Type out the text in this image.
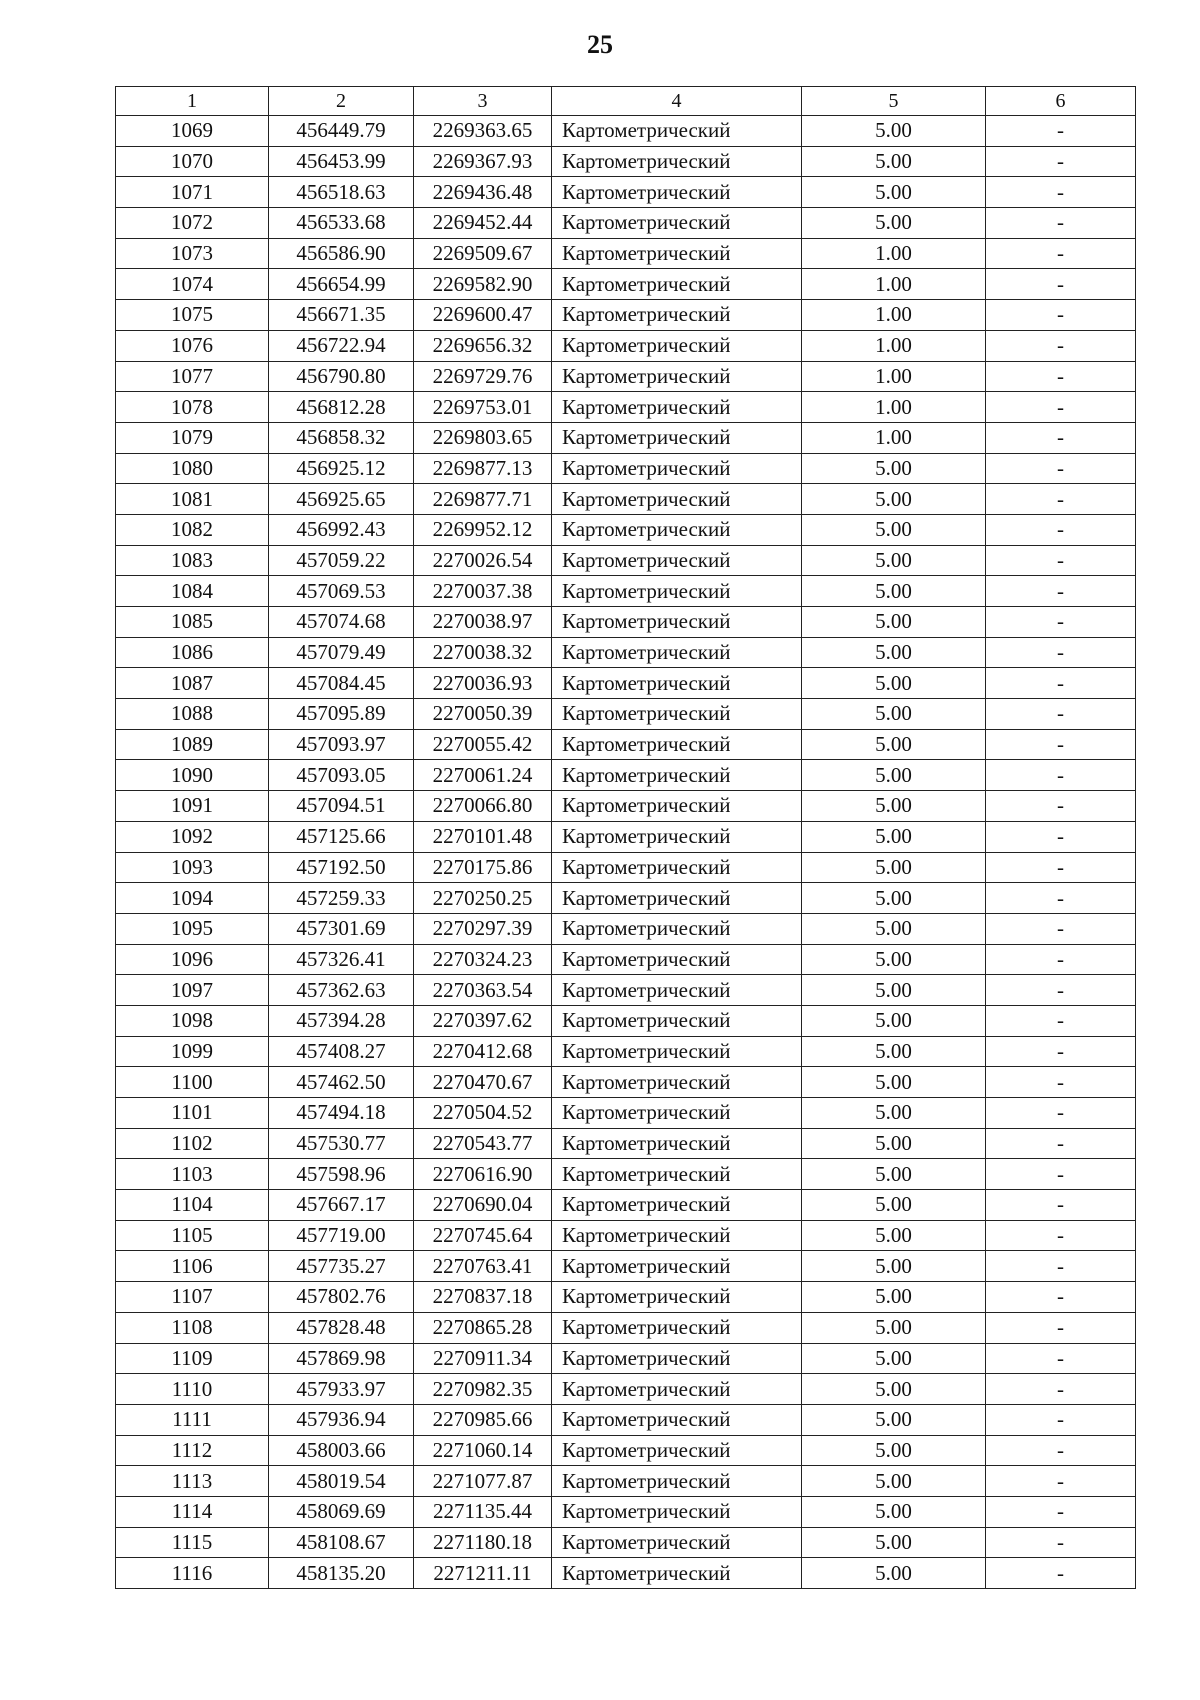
25
1	2	3	4	5	6
1069	456449.79	2269363.65	Картометрический	5.00	-
1070	456453.99	2269367.93	Картометрический	5.00	-
1071	456518.63	2269436.48	Картометрический	5.00	-
1072	456533.68	2269452.44	Картометрический	5.00	-
1073	456586.90	2269509.67	Картометрический	1.00	-
1074	456654.99	2269582.90	Картометрический	1.00	-
1075	456671.35	2269600.47	Картометрический	1.00	-
1076	456722.94	2269656.32	Картометрический	1.00	-
1077	456790.80	2269729.76	Картометрический	1.00	-
1078	456812.28	2269753.01	Картометрический	1.00	-
1079	456858.32	2269803.65	Картометрический	1.00	-
1080	456925.12	2269877.13	Картометрический	5.00	-
1081	456925.65	2269877.71	Картометрический	5.00	-
1082	456992.43	2269952.12	Картометрический	5.00	-
1083	457059.22	2270026.54	Картометрический	5.00	-
1084	457069.53	2270037.38	Картометрический	5.00	-
1085	457074.68	2270038.97	Картометрический	5.00	-
1086	457079.49	2270038.32	Картометрический	5.00	-
1087	457084.45	2270036.93	Картометрический	5.00	-
1088	457095.89	2270050.39	Картометрический	5.00	-
1089	457093.97	2270055.42	Картометрический	5.00	-
1090	457093.05	2270061.24	Картометрический	5.00	-
1091	457094.51	2270066.80	Картометрический	5.00	-
1092	457125.66	2270101.48	Картометрический	5.00	-
1093	457192.50	2270175.86	Картометрический	5.00	-
1094	457259.33	2270250.25	Картометрический	5.00	-
1095	457301.69	2270297.39	Картометрический	5.00	-
1096	457326.41	2270324.23	Картометрический	5.00	-
1097	457362.63	2270363.54	Картометрический	5.00	-
1098	457394.28	2270397.62	Картометрический	5.00	-
1099	457408.27	2270412.68	Картометрический	5.00	-
1100	457462.50	2270470.67	Картометрический	5.00	-
1101	457494.18	2270504.52	Картометрический	5.00	-
1102	457530.77	2270543.77	Картометрический	5.00	-
1103	457598.96	2270616.90	Картометрический	5.00	-
1104	457667.17	2270690.04	Картометрический	5.00	-
1105	457719.00	2270745.64	Картометрический	5.00	-
1106	457735.27	2270763.41	Картометрический	5.00	-
1107	457802.76	2270837.18	Картометрический	5.00	-
1108	457828.48	2270865.28	Картометрический	5.00	-
1109	457869.98	2270911.34	Картометрический	5.00	-
1110	457933.97	2270982.35	Картометрический	5.00	-
1111	457936.94	2270985.66	Картометрический	5.00	-
1112	458003.66	2271060.14	Картометрический	5.00	-
1113	458019.54	2271077.87	Картометрический	5.00	-
1114	458069.69	2271135.44	Картометрический	5.00	-
1115	458108.67	2271180.18	Картометрический	5.00	-
1116	458135.20	2271211.11	Картометрический	5.00	-
